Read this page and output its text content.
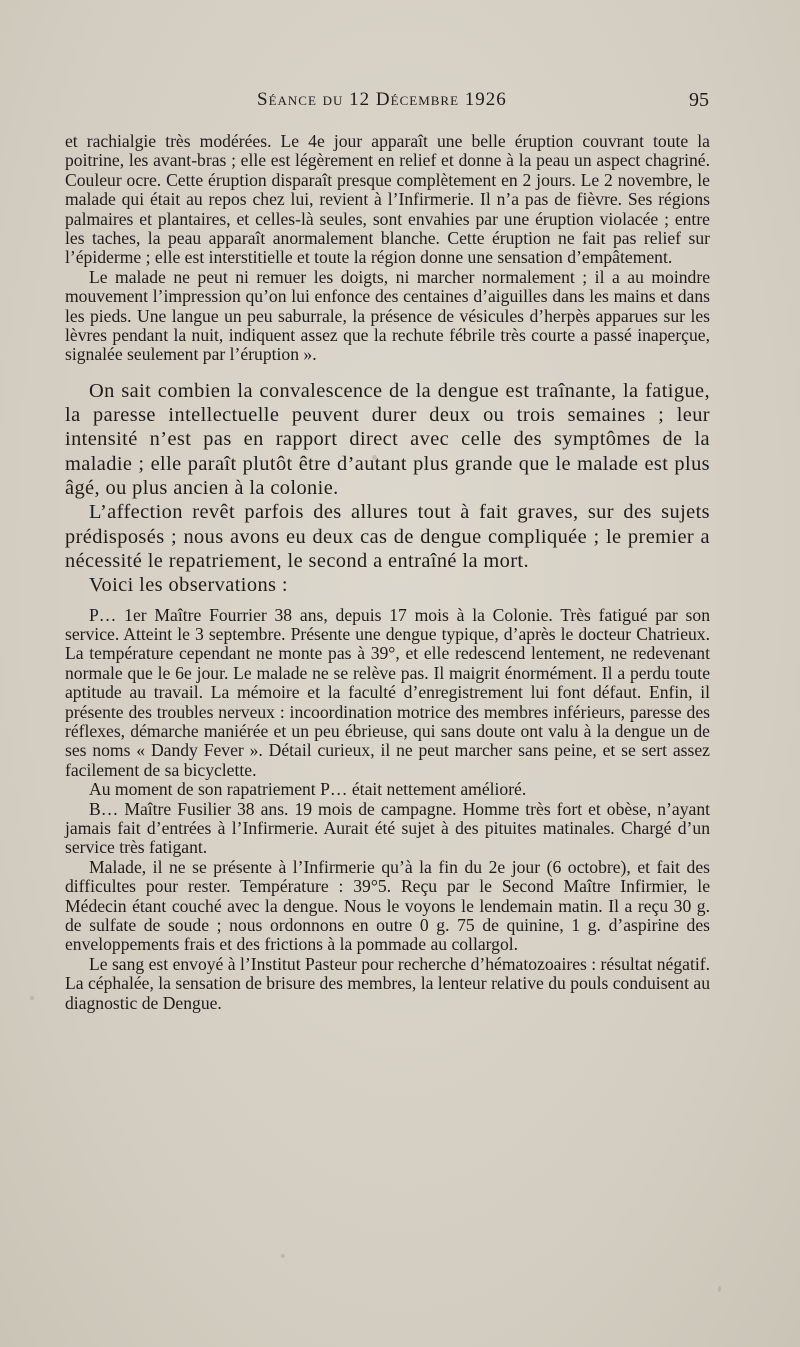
Séance du 12 Décembre 1926	95

et rachialgie très modérées. Le 4e jour apparaît une belle éruption couvrant toute la poitrine, les avant-bras ; elle est légèrement en relief et donne à la peau un aspect chagriné. Couleur ocre. Cette éruption disparaît presque complètement en 2 jours. Le 2 novembre, le malade qui était au repos chez lui, revient à l’Infirmerie. Il n’a pas de fièvre. Ses régions palmaires et plantaires, et celles-là seules, sont envahies par une éruption violacée ; entre les taches, la peau apparaît anormalement blanche. Cette éruption ne fait pas relief sur l’épiderme ; elle est interstitielle et toute la région donne une sensation d’empâtement.

Le malade ne peut ni remuer les doigts, ni marcher normalement ; il a au moindre mouvement l’impression qu’on lui enfonce des centaines d’aiguilles dans les mains et dans les pieds. Une langue un peu saburrale, la présence de vésicules d’herpès apparues sur les lèvres pendant la nuit, indiquent assez que la rechute fébrile très courte a passé inaperçue, signalée seulement par l’éruption ».

On sait combien la convalescence de la dengue est traînante, la fatigue, la paresse intellectuelle peuvent durer deux ou trois semaines ; leur intensité n’est pas en rapport direct avec celle des symptômes de la maladie ; elle paraît plutôt être d’autant plus grande que le malade est plus âgé, ou plus ancien à la colonie.

L’affection revêt parfois des allures tout à fait graves, sur des sujets prédisposés ; nous avons eu deux cas de dengue compliquée ; le premier a nécessité le repatriement, le second a entraîné la mort.

Voici les observations :

P… 1er Maître Fourrier 38 ans, depuis 17 mois à la Colonie. Très fatigué par son service. Atteint le 3 septembre. Présente une dengue typique, d’après le docteur Chatrieux. La température cependant ne monte pas à 39°, et elle redescend lentement, ne redevenant normale que le 6e jour. Le malade ne se relève pas. Il maigrit énormément. Il a perdu toute aptitude au travail. La mémoire et la faculté d’enregistrement lui font défaut. Enfin, il présente des troubles nerveux : incoordination motrice des membres inférieurs, paresse des réflexes, démarche maniérée et un peu ébrieuse, qui sans doute ont valu à la dengue un de ses noms « Dandy Fever ». Détail curieux, il ne peut marcher sans peine, et se sert assez facilement de sa bicyclette.

Au moment de son rapatriement P… était nettement amélioré.

B… Maître Fusilier 38 ans. 19 mois de campagne. Homme très fort et obèse, n’ayant jamais fait d’entrées à l’Infirmerie. Aurait été sujet à des pituites matinales. Chargé d’un service très fatigant.

Malade, il ne se présente à l’Infirmerie qu’à la fin du 2e jour (6 octobre), et fait des difficultes pour rester. Température : 39°5. Reçu par le Second Maître Infirmier, le Médecin étant couché avec la dengue. Nous le voyons le lendemain matin. Il a reçu 30 g. de sulfate de soude ; nous ordonnons en outre 0 g. 75 de quinine, 1 g. d’aspirine des enveloppements frais et des frictions à la pommade au collargol.

Le sang est envoyé à l’Institut Pasteur pour recherche d’hématozoaires : résultat négatif. La céphalée, la sensation de brisure des membres, la lenteur relative du pouls conduisent au diagnostic de Dengue.
